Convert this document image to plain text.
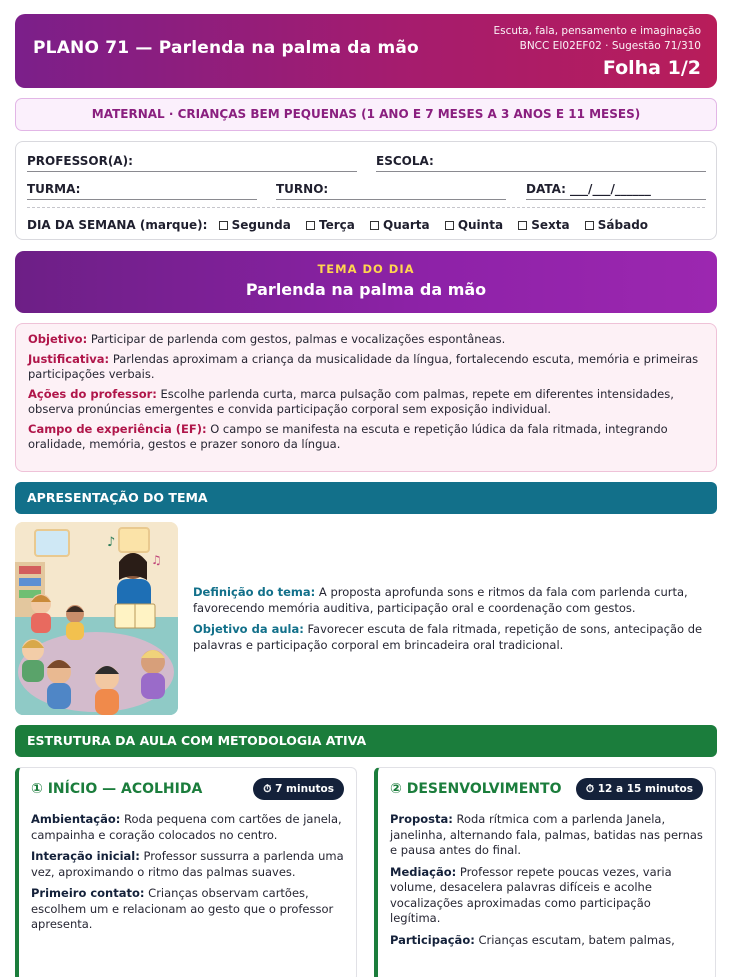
PLANO 71 — Parlenda na palma da mão
Escuta, fala, pensamento e imaginação
BNCC EI02EF02 · Sugestão 71/310
Folha 1/2
MATERNAL · CRIANÇAS BEM PEQUENAS (1 ANO E 7 MESES A 3 ANOS E 11 MESES)
PROFESSOR(A):	ESCOLA:
TURMA:	TURNO:	DATA: ___/___/______
DIA DA SEMANA (marque): Segunda Terça Quarta Quinta Sexta Sábado
TEMA DO DIA
Parlenda na palma da mão

Objetivo: Participar de parlenda com gestos, palmas e vocalizações espontâneas.

Justificativa: Parlendas aproximam a criança da musicalidade da língua, fortalecendo escuta, memória e primeiras participações verbais.

Ações do professor: Escolhe parlenda curta, marca pulsação com palmas, repete em diferentes intensidades, observa pronúncias emergentes e convida participação corporal sem exposição individual.

Campo de experiência (EF): O campo se manifesta na escuta e repetição lúdica da fala ritmada, integrando oralidade, memória, gestos e prazer sonoro da língua.

APRESENTAÇÃO DO TEMA
♪
♫

Definição do tema: A proposta aprofunda sons e ritmos da fala com parlenda curta, favorecendo memória auditiva, participação oral e coordenação com gestos.

Objetivo da aula: Favorecer escuta de fala ritmada, repetição de sons, antecipação de palavras e participação corporal em brincadeira oral tradicional.

ESTRUTURA DA AULA COM METODOLOGIA ATIVA
① INÍCIO — ACOLHIDA	⏱ 7 minutos

Ambientação: Roda pequena com cartões de janela, campainha e coração colocados no centro.

Interação inicial: Professor sussurra a parlenda uma vez, aproximando o ritmo das palmas suaves.

Primeiro contato: Crianças observam cartões, escolhem um e relacionam ao gesto que o professor apresenta.

② DESENVOLVIMENTO	⏱ 12 a 15 minutos

Proposta: Roda rítmica com a parlenda Janela, janelinha, alternando fala, palmas, batidas nas pernas e pausa antes do final.

Mediação: Professor repete poucas vezes, varia volume, desacelera palavras difíceis e acolhe vocalizações aproximadas como participação legítima.

Participação: Crianças escutam, batem palmas,
